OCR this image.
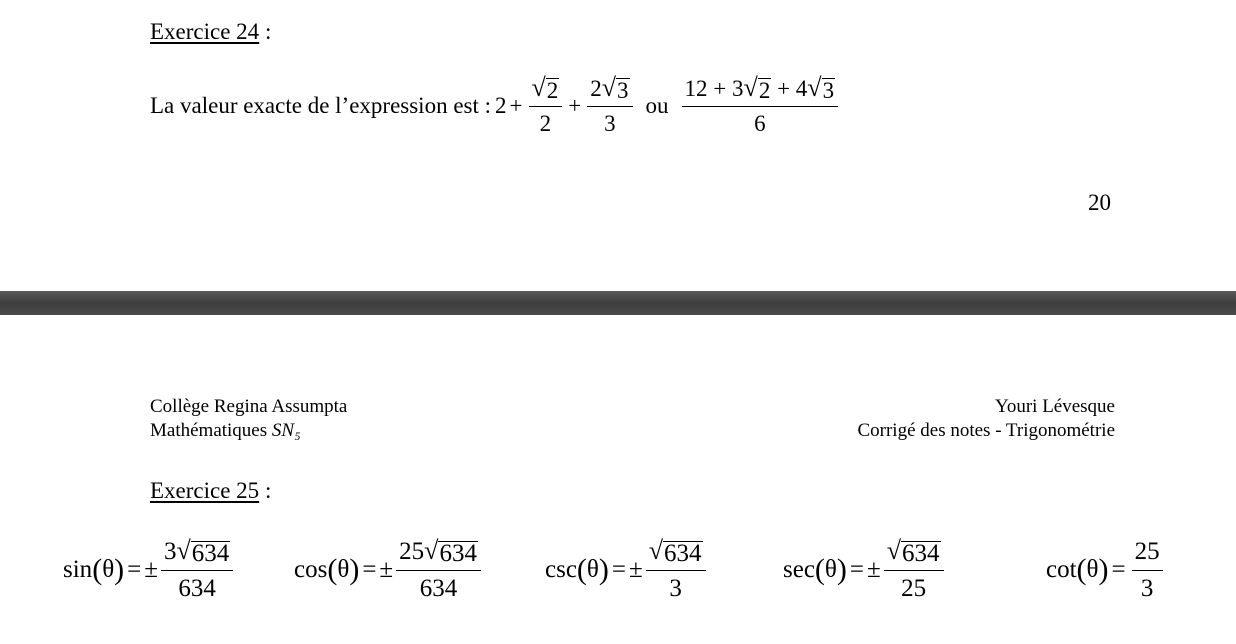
Exercice 24 :
La valeur exacte de l’expression est : $2 + \frac{√ 2}{2} + \frac{2 √ 3}{3}$ ou $\frac{12 + 3 √ 2 + 4 √ 3}{6}$
20
Collège Regina Assumpta
Mathématiques SN₅
Youri Lévesque
Corrigé des notes - Trigonométrie
Exercice 25 :
sin ( θ ) = ± $\frac{3 √ 634}{634}$ cos ( θ ) = ± $\frac{25 √ 634}{634}$	csc ( θ ) = ± $\frac{√ 634}{3}$	sec ( θ ) = ± $\frac{√ 634}{25}$	cot ( θ ) = $\frac{25}{3}$
